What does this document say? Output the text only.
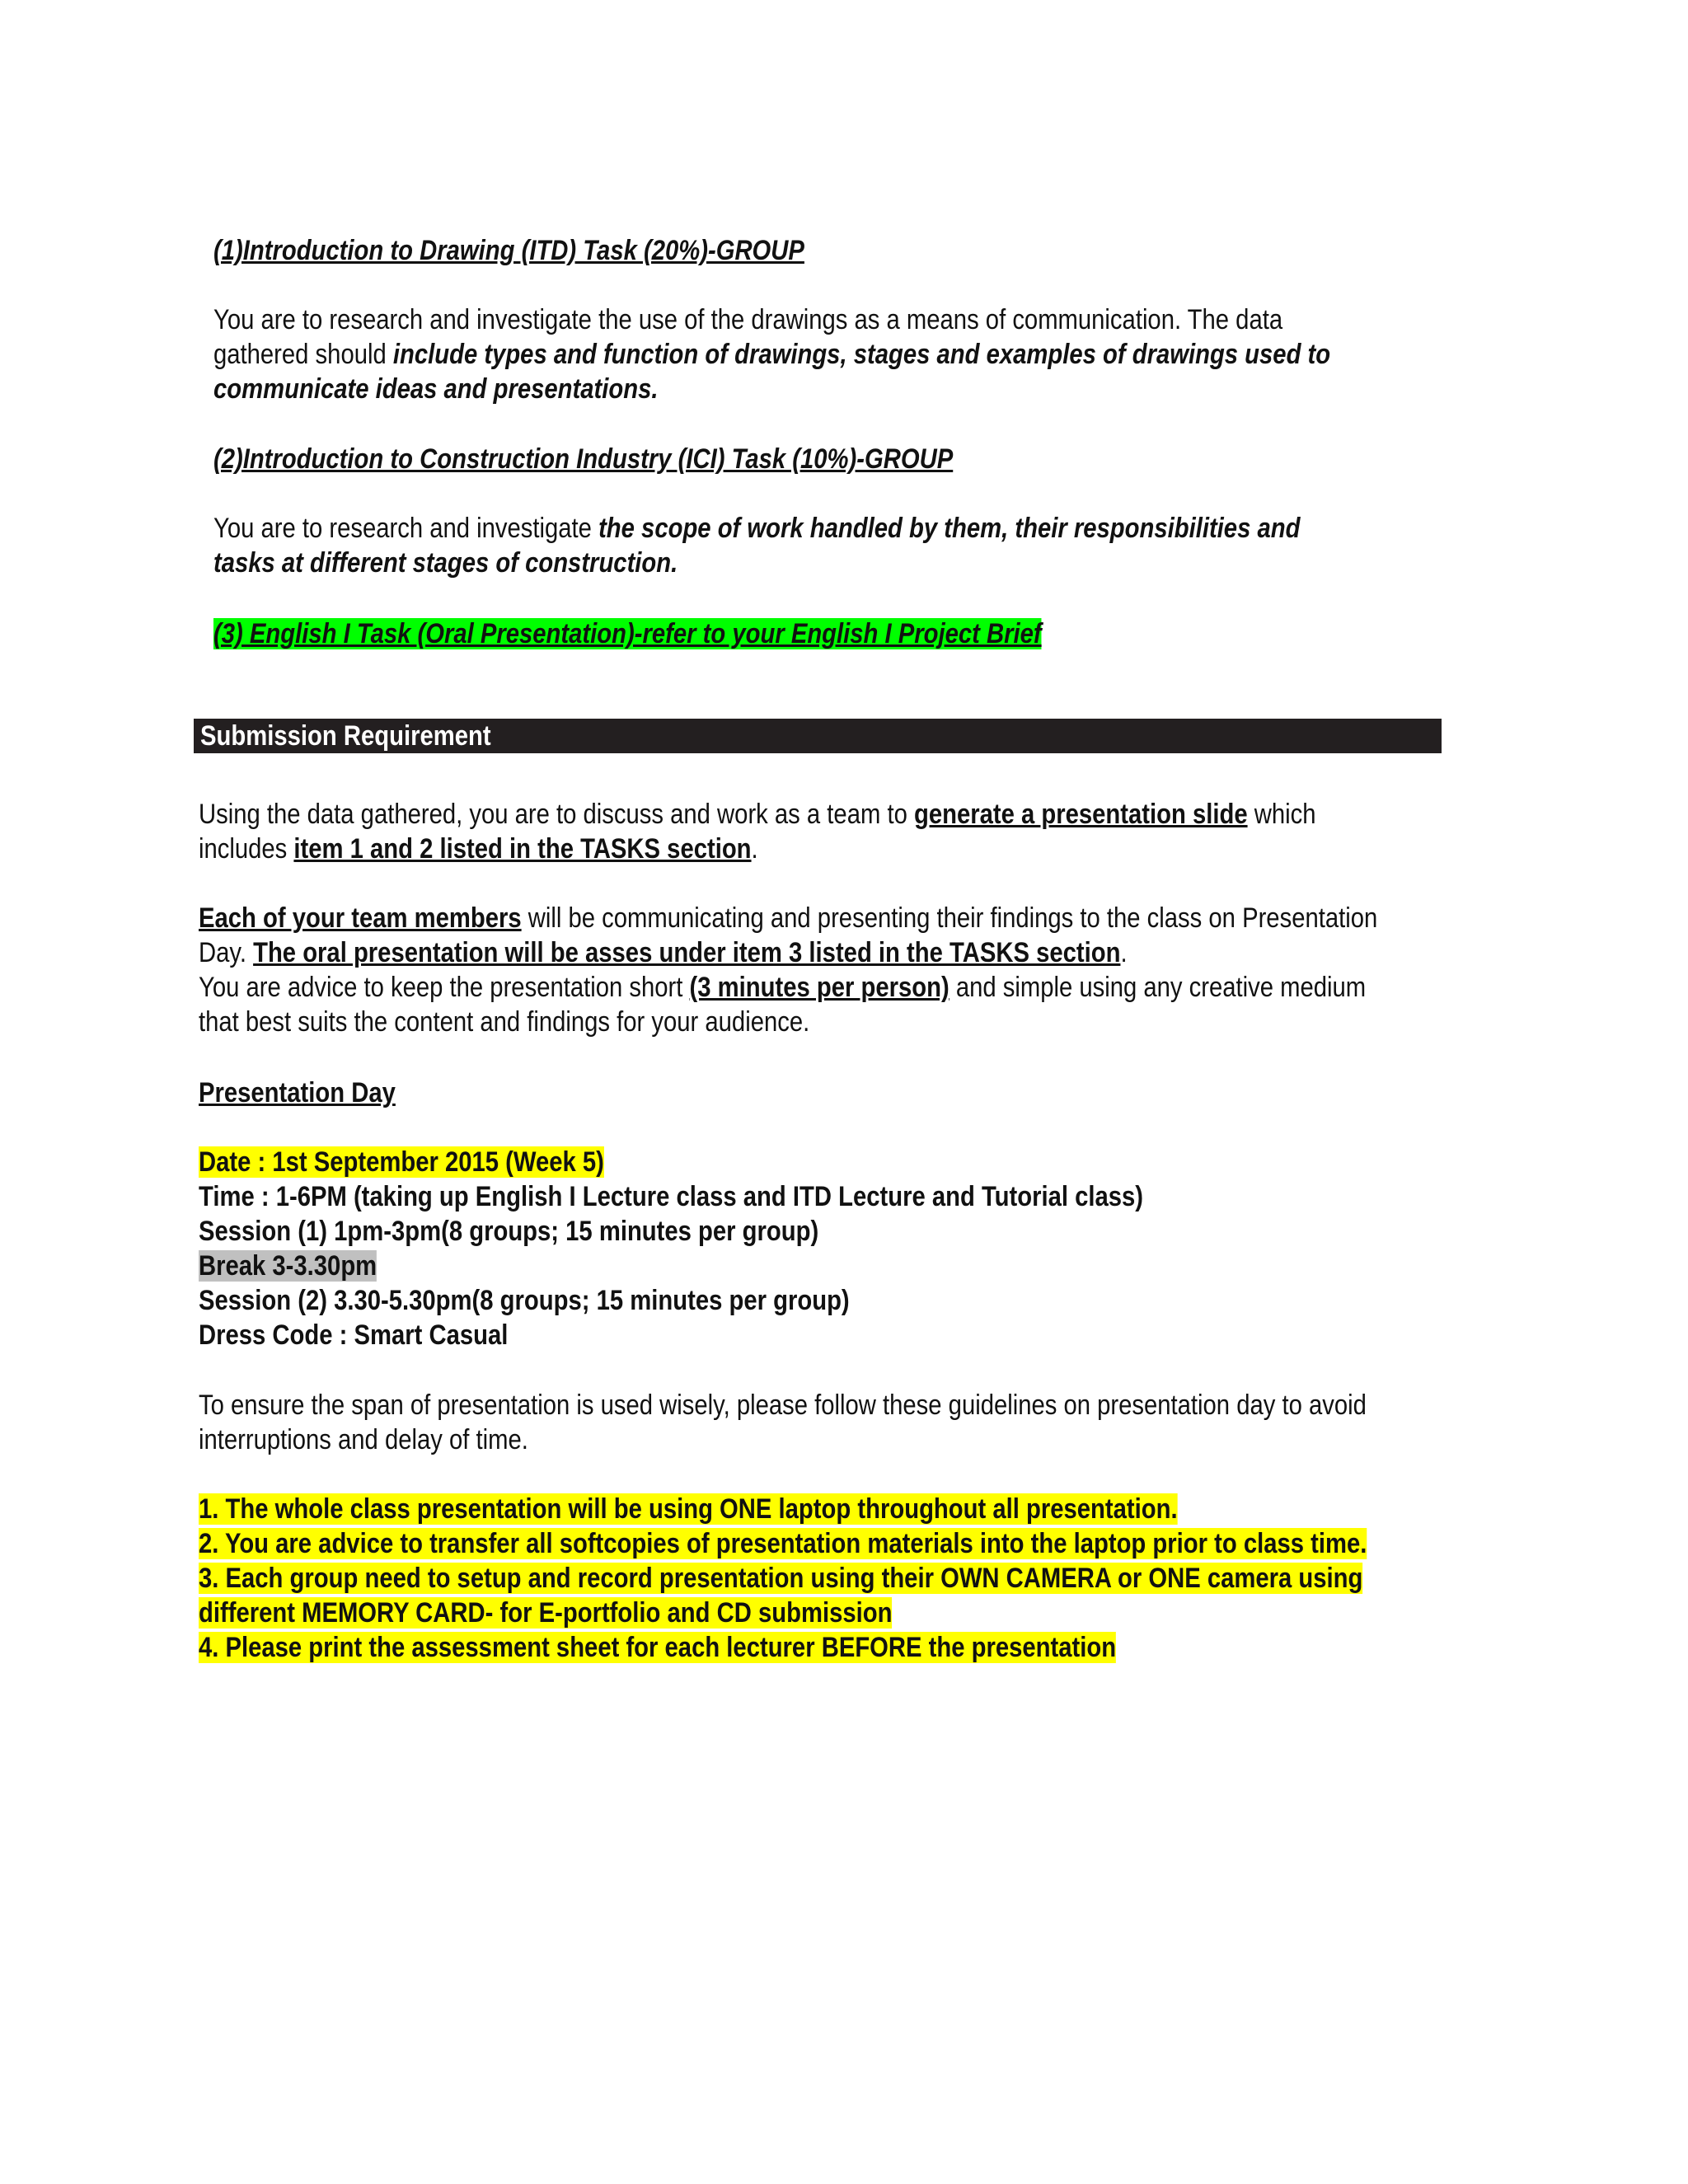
(1)Introduction to Drawing (ITD) Task (20%)-GROUP
You are to research and investigate the use of the drawings as a means of communication. The data
gathered should include types and function of drawings, stages and examples of drawings used to
communicate ideas and presentations.
(2)Introduction to Construction Industry (ICI) Task (10%)-GROUP
You are to research and investigate the scope of work handled by them, their responsibilities and
tasks at different stages of construction.
(3) English I Task (Oral Presentation)-refer to your English I Project Brief
Submission Requirement
Using the data gathered, you are to discuss and work as a team to generate a presentation slide which
includes item 1 and 2 listed in the TASKS section.
Each of your team members will be communicating and presenting their findings to the class on Presentation
Day. The oral presentation will be asses under item 3 listed in the TASKS section.
You are advice to keep the presentation short (3 minutes per person) and simple using any creative medium
that best suits the content and findings for your audience.
Presentation Day
Date : 1st September 2015 (Week 5)
Time : 1-6PM (taking up English I Lecture class and ITD Lecture and Tutorial class)
Session (1) 1pm-3pm(8 groups; 15 minutes per group)
Break 3-3.30pm
Session (2) 3.30-5.30pm(8 groups; 15 minutes per group)
Dress Code : Smart Casual
To ensure the span of presentation is used wisely, please follow these guidelines on presentation day to avoid
interruptions and delay of time.
1. The whole class presentation will be using ONE laptop throughout all presentation.
2. You are advice to transfer all softcopies of presentation materials into the laptop prior to class time.
3. Each group need to setup and record presentation using their OWN CAMERA or ONE camera using
different MEMORY CARD- for E-portfolio and CD submission
4. Please print the assessment sheet for each lecturer BEFORE the presentation
